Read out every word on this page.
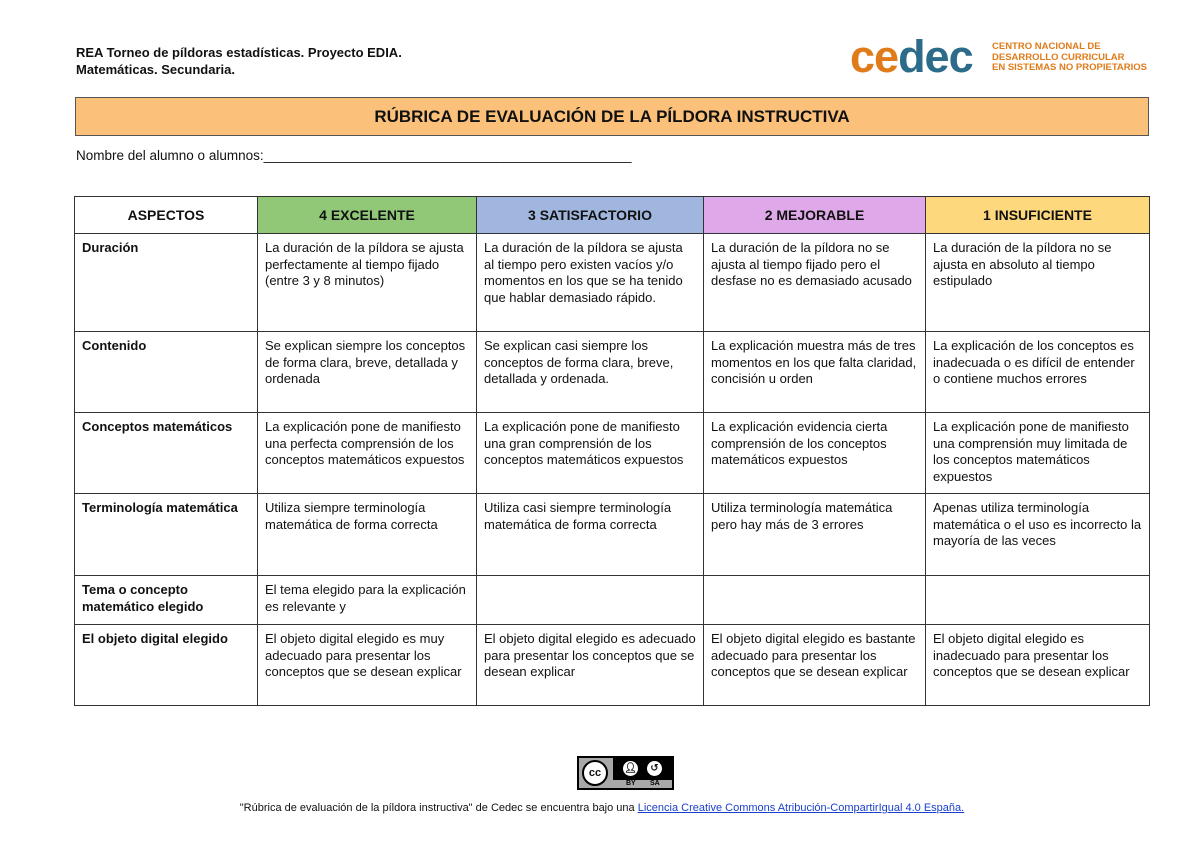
REA Torneo de píldoras estadísticas. Proyecto EDIA.
Matemáticas. Secundaria.	cedec CENTRO NACIONAL DE
DESARROLLO CURRICULAR
EN SISTEMAS NO PROPIETARIOS
RÚBRICA DE EVALUACIÓN DE LA PÍLDORA INSTRUCTIVA
Nombre del alumno o alumnos:_________________________________________________
ASPECTOS	4 EXCELENTE	3 SATISFACTORIO	2 MEJORABLE	1 INSUFICIENTE
Duración	La duración de la píldora se ajusta perfectamente al tiempo fijado (entre 3 y 8 minutos)	La duración de la píldora se ajusta al tiempo pero existen vacíos y/o momentos en los que se ha tenido que hablar demasiado rápido.	La duración de la píldora no se ajusta al tiempo fijado pero el desfase no es demasiado acusado	La duración de la píldora no se ajusta en absoluto al tiempo estipulado
Contenido	Se explican siempre los conceptos de forma clara, breve, detallada y ordenada	Se explican casi siempre los conceptos de forma clara, breve, detallada y ordenada.	La explicación muestra más de tres momentos en los que falta claridad, concisión u orden	La explicación de los conceptos es inadecuada o es difícil de entender o contiene muchos errores
Conceptos matemáticos	La explicación pone de manifiesto una perfecta comprensión de los conceptos matemáticos expuestos	La explicación pone de manifiesto una gran comprensión de los conceptos matemáticos expuestos	La explicación evidencia cierta comprensión de los conceptos matemáticos expuestos	La explicación pone de manifiesto una comprensión muy limitada de los conceptos matemáticos expuestos
Terminología matemática	Utiliza siempre terminología matemática de forma correcta	Utiliza casi siempre terminología matemática de forma correcta	Utiliza terminología matemática pero hay más de 3 errores	Apenas utiliza terminología matemática o el uso es incorrecto la mayoría de las veces
Tema o concepto matemático elegido	El tema elegido para la explicación es relevante y			
El objeto digital elegido	El objeto digital elegido es muy adecuado para presentar los conceptos que se desean explicar	El objeto digital elegido es adecuado para presentar los conceptos que se desean explicar	El objeto digital elegido es bastante adecuado para presentar los conceptos que se desean explicar	El objeto digital elegido es inadecuado para presentar los conceptos que se desean explicar
cc	👤︎	↺
BY SA
"Rúbrica de evaluación de la píldora instructiva" de Cedec se encuentra bajo una Licencia Creative Commons Atribución-CompartirIgual 4.0 España.
